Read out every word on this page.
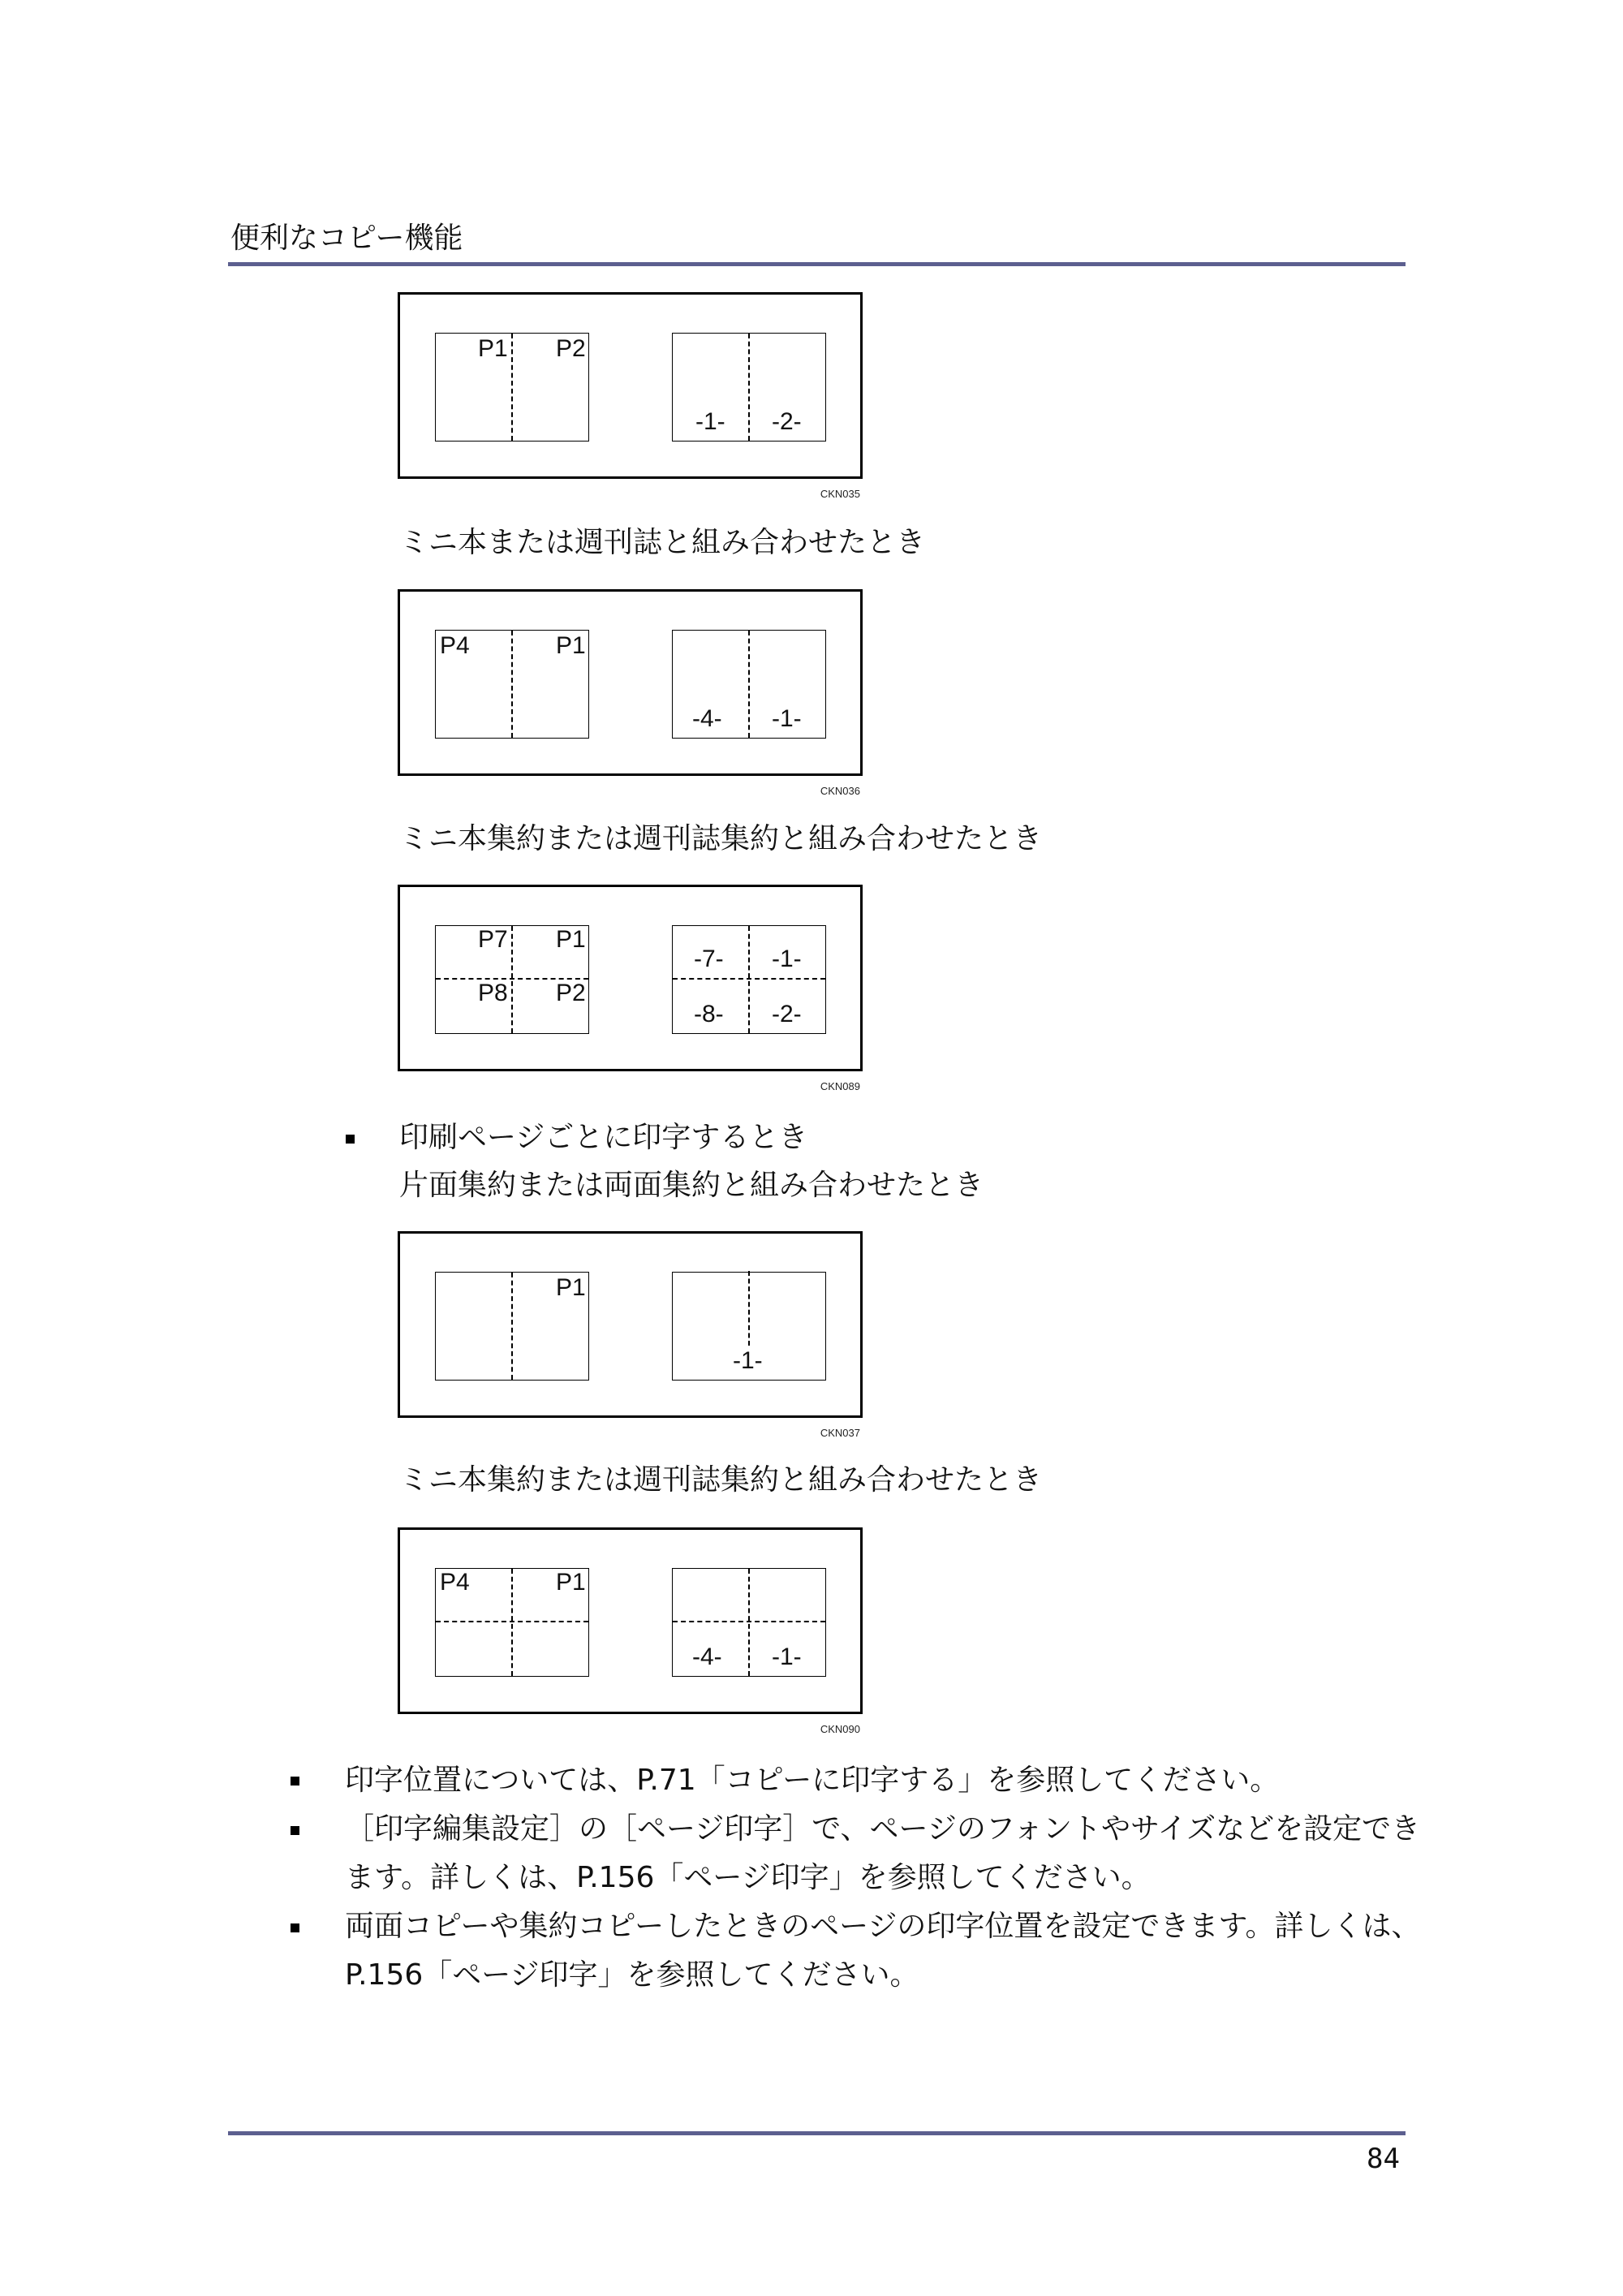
便利なコピー機能
P1 P2
-1- -2-
CKN035
ミニ本または週刊誌と組み合わせたとき
P4	P1
-4- -1-
CKN036
ミニ本集約または週刊誌集約と組み合わせたとき
P7 P1
P8 P2
-7- -1-
-8- -2-
CKN089
印刷ページごとに印字するとき
片面集約または両面集約と組み合わせたとき
P1
-1-
CKN037
ミニ本集約または週刊誌集約と組み合わせたとき
P4	P1
-4- -1-
CKN090
印字位置については、P.71「コピーに印字する」を参照してください。
［印字編集設定］の［ページ印字］で、ページのフォントやサイズなどを設定でき
ます。詳しくは、P.156「ページ印字」を参照してください。
両面コピーや集約コピーしたときのページの印字位置を設定できます。詳しくは、
P.156「ページ印字」を参照してください。
84
